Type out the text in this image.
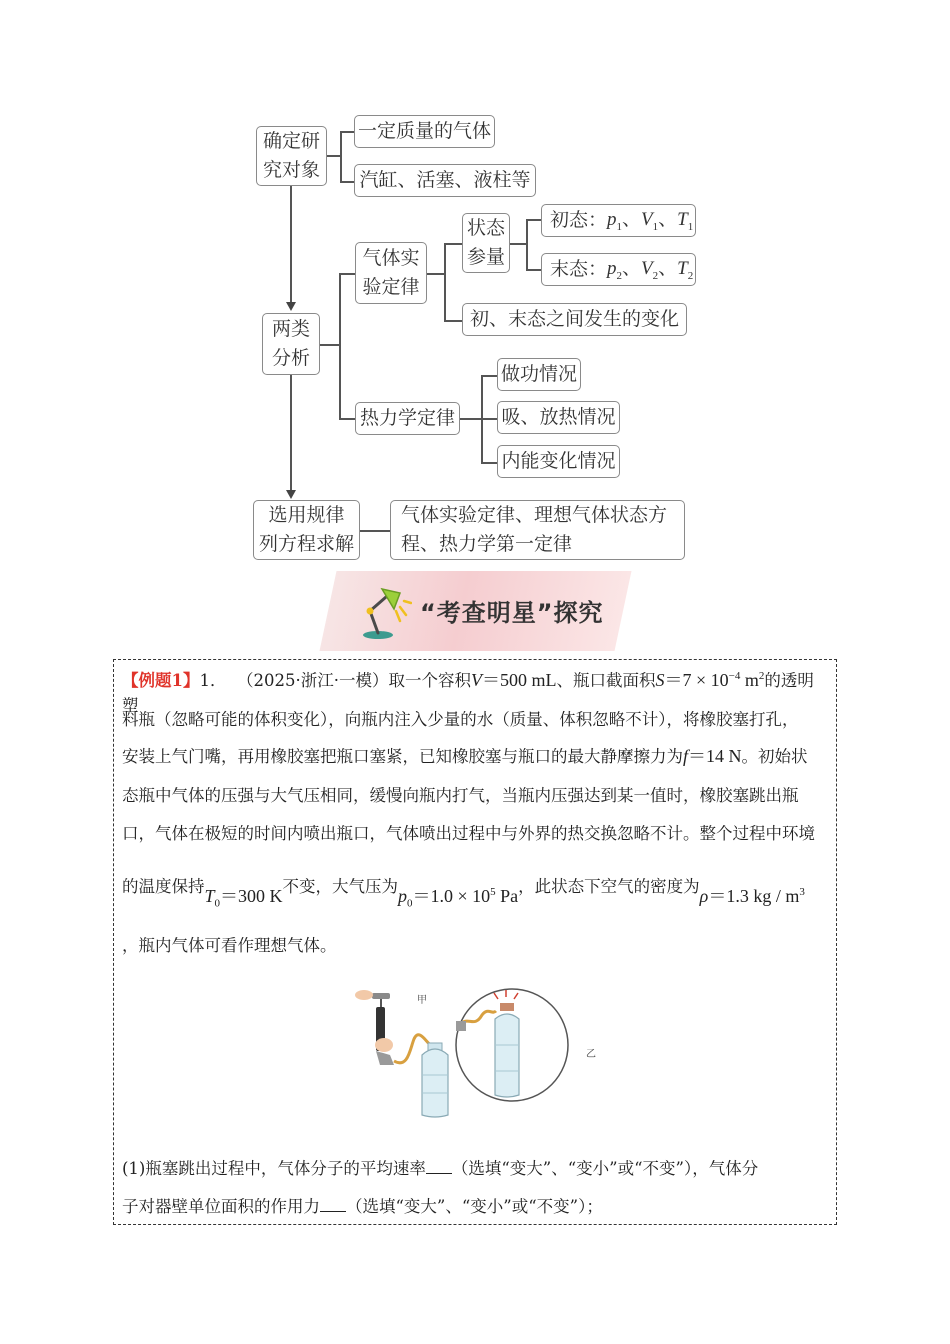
确定研
究对象
一定质量的气体
汽缸、活塞、液柱等
两类
分析
气体实
验定律
状态
参量
初态： $p_1$、$V_1$、$T_1$
末态： $p_2$、$V_2$、$T_2$
初、末态之间发生的变化
热力学定律
做功情况
吸、放热情况
内能变化情况
选用规律
列方程求解
气体实验定律、理想气体状态方
程、热力学第一定律
“考查明星”探究
【例题1】1． （2025·浙江·一模）取一个容积V＝500 mL、瓶口截面积$S=7 \times 10^{-4}$ $m^2$的透明塑
料瓶（忽略可能的体积变化），向瓶内注入少量的水（质量、体积忽略不计），将橡胶塞打孔，
安装上气门嘴，再用橡胶塞把瓶口塞紧，已知橡胶塞与瓶口的最大静摩擦力为f＝14 N。初始状
态瓶中气体的压强与大气压相同，缓慢向瓶内打气，当瓶内压强达到某一值时，橡胶塞跳出瓶
口，气体在极短的时间内喷出瓶口，气体喷出过程中与外界的热交换忽略不计。整个过程中环境
的温度保持$T_0=300$ K不变，大气压为$p_0=1.0 \times 10^5$ Pa，此状态下空气的密度为ρ＝1.3 kg / $m^3$
，瓶内气体可看作理想气体。
甲
乙
(1)瓶塞跳出过程中，气体分子的平均速率 （选填“变大”、“变小”或“不变”），气体分
子对器壁单位面积的作用力 （选填“变大”、“变小”或“不变”）；
